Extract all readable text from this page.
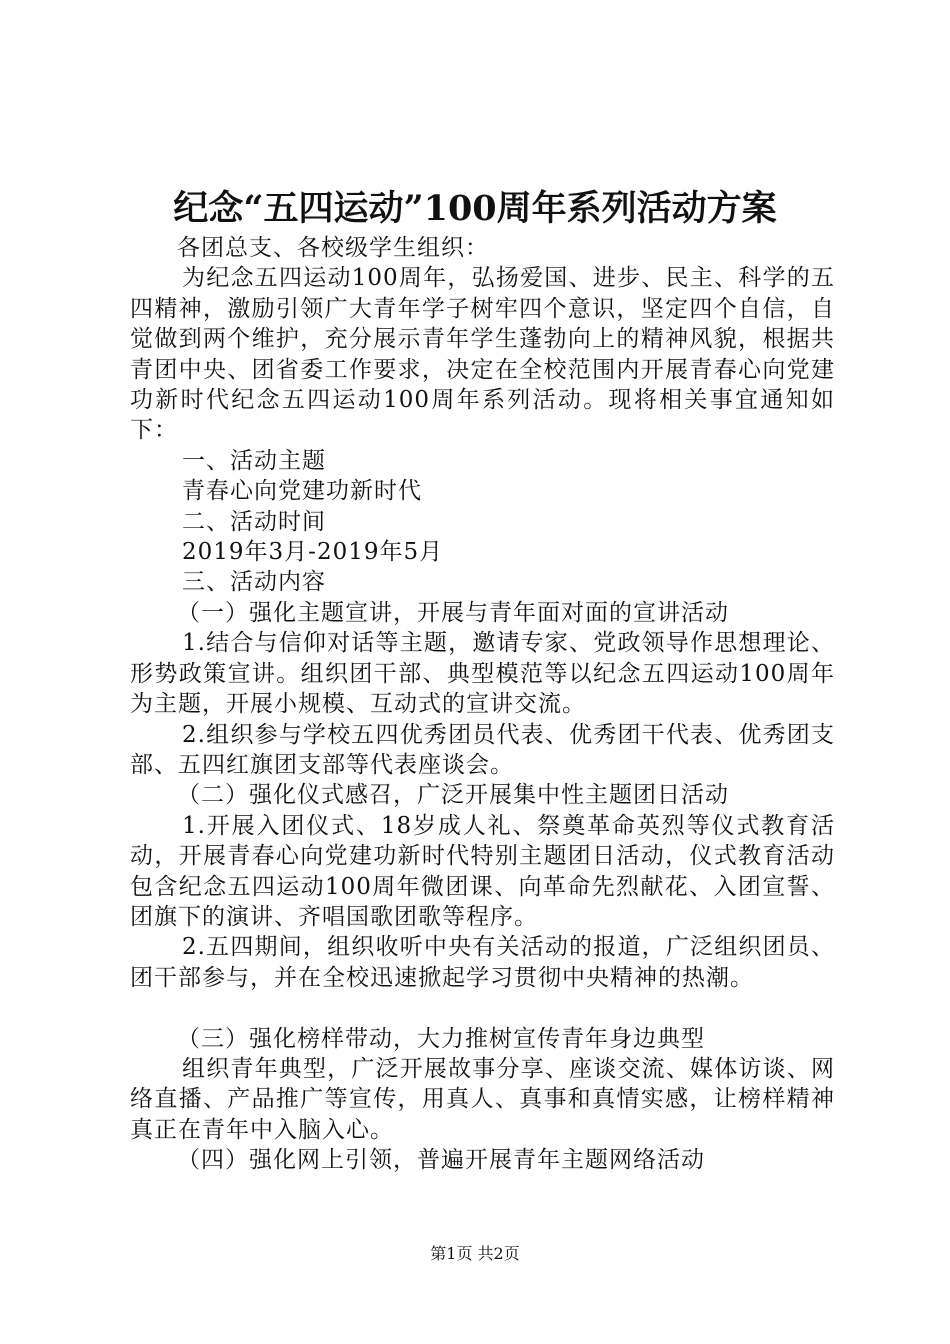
纪念“五四运动”100周年系列活动方案

各团总支、各校级学生组织：

为纪念五四运动100周年，弘扬爱国、进步、民主、科学的五四精神，激励引领广大青年学子树牢四个意识，坚定四个自信，自觉做到两个维护，充分展示青年学生蓬勃向上的精神风貌，根据共青团中央、团省委工作要求，决定在全校范围内开展青春心向党建功新时代纪念五四运动100周年系列活动。现将相关事宜通知如下：

一、活动主题

青春心向党建功新时代

二、活动时间

2019年3月-2019年5月

三、活动内容

（一）强化主题宣讲，开展与青年面对面的宣讲活动

1.结合与信仰对话等主题，邀请专家、党政领导作思想理论、形势政策宣讲。组织团干部、典型模范等以纪念五四运动100周年为主题，开展小规模、互动式的宣讲交流。

2.组织参与学校五四优秀团员代表、优秀团干代表、优秀团支部、五四红旗团支部等代表座谈会。

（二）强化仪式感召，广泛开展集中性主题团日活动

1.开展入团仪式、18岁成人礼、祭奠革命英烈等仪式教育活动，开展青春心向党建功新时代特别主题团日活动，仪式教育活动包含纪念五四运动100周年微团课、向革命先烈献花、入团宣誓、团旗下的演讲、齐唱国歌团歌等程序。

2.五四期间，组织收听中央有关活动的报道，广泛组织团员、团干部参与，并在全校迅速掀起学习贯彻中央精神的热潮。

（三）强化榜样带动，大力推树宣传青年身边典型

组织青年典型，广泛开展故事分享、座谈交流、媒体访谈、网络直播、产品推广等宣传，用真人、真事和真情实感，让榜样精神真正在青年中入脑入心。

（四）强化网上引领，普遍开展青年主题网络活动

第1页 共2页
